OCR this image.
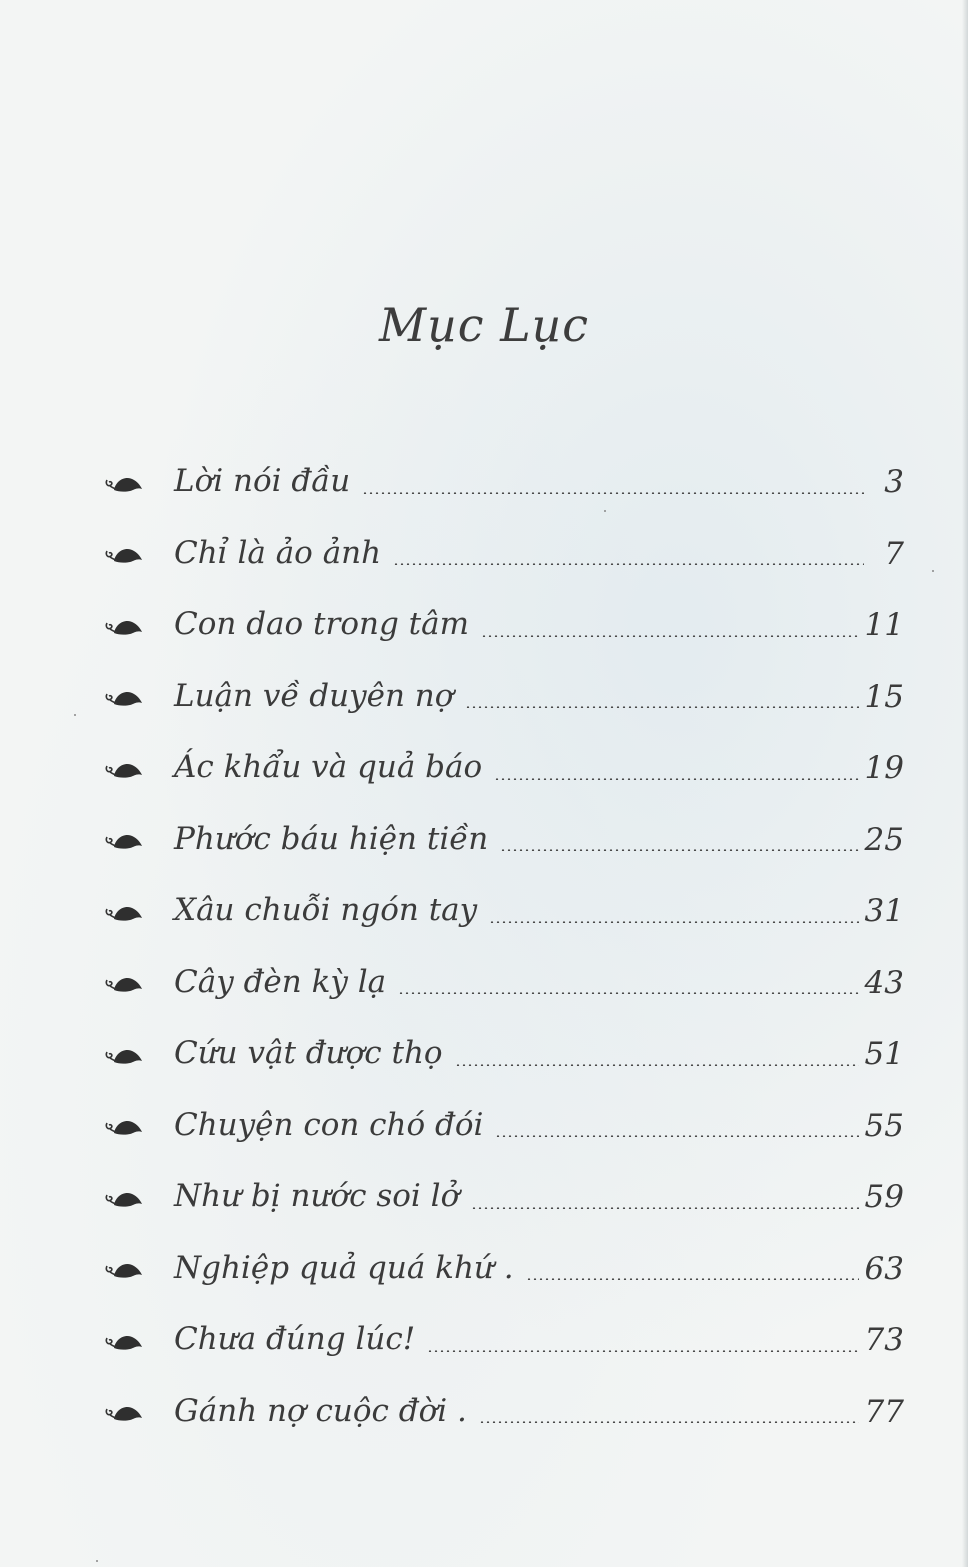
Mục Lục
Lời nói đầu	3
Chỉ là ảo ảnh	7
Con dao trong tâm	11
Luận về duyên nợ	15
Ác khẩu và quả báo	19
Phước báu hiện tiền	25
Xâu chuỗi ngón tay	31
Cây đèn kỳ lạ	43
Cứu vật được thọ	51
Chuyện con chó đói	55
Như bị nước soi lở	59
Nghiệp quả quá khứ .	63
Chưa đúng lúc!	73
Gánh nợ cuộc đời .	77
